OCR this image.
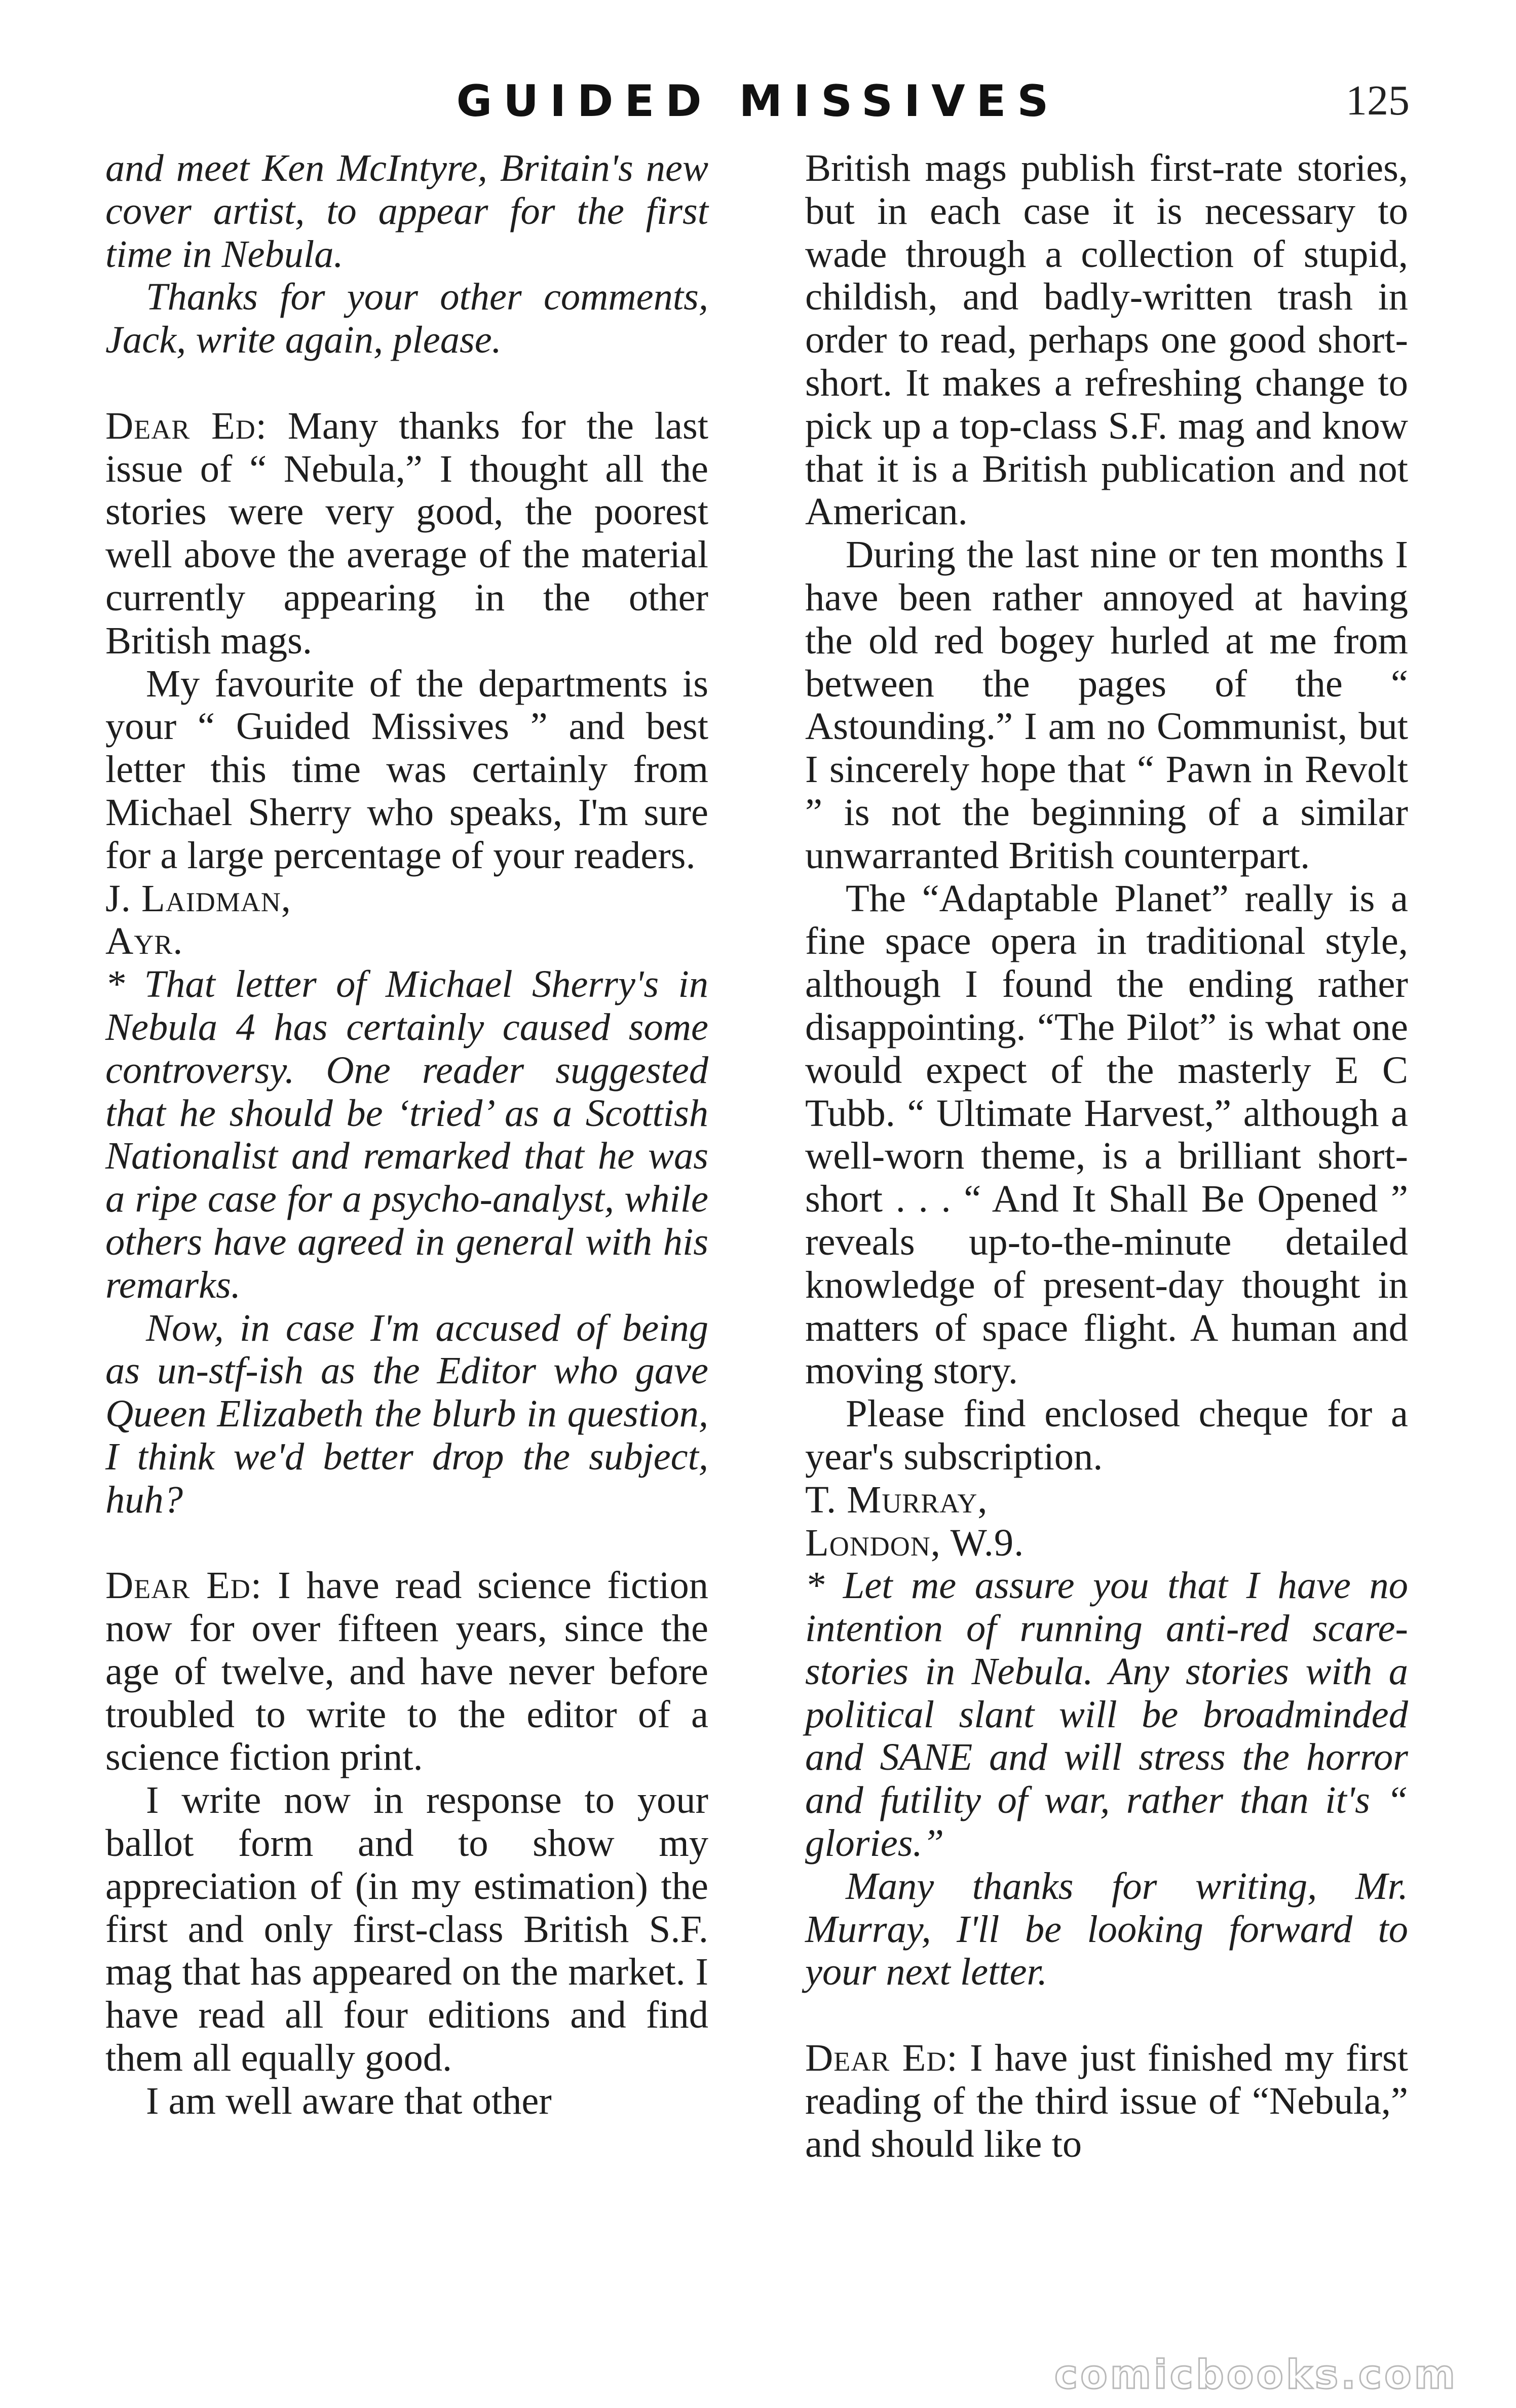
GUIDED MISSIVES	125

and meet Ken McIntyre, Britain's new cover artist, to appear for the first time in Nebula.

Thanks for your other comments, Jack, write again, please.

Dear Ed: Many thanks for the last issue of “ Nebula,” I thought all the stories were very good, the poorest well above the average of the material currently appearing in the other British mags.

My favourite of the departments is your “ Guided Missives ” and best letter this time was certainly from Michael Sherry who speaks, I'm sure for a large percentage of your readers.

J. Laidman,
Ayr.

* That letter of Michael Sherry's in Nebula 4 has certainly caused some controversy. One reader suggested that he should be ‘tried’ as a Scottish Nationalist and remarked that he was a ripe case for a psycho-analyst, while others have agreed in general with his remarks.

Now, in case I'm accused of being as un-stf-ish as the Editor who gave Queen Elizabeth the blurb in question, I think we'd better drop the subject, huh?

Dear Ed: I have read science fiction now for over fifteen years, since the age of twelve, and have never before troubled to write to the editor of a science fiction print.

I write now in response to your ballot form and to show my appreciation of (in my estimation) the first and only first-class British S.F. mag that has appeared on the market. I have read all four editions and find them all equally good.

I am well aware that other

British mags publish first-rate stories, but in each case it is necessary to wade through a collection of stupid, childish, and badly-written trash in order to read, perhaps one good short-short. It makes a refreshing change to pick up a top-class S.F. mag and know that it is a British publication and not American.

During the last nine or ten months I have been rather annoyed at having the old red bogey hurled at me from between the pages of the “ Astounding.” I am no Communist, but I sincerely hope that “ Pawn in Revolt ” is not the beginning of a similar unwarranted British counterpart.

The “Adaptable Planet” really is a fine space opera in traditional style, although I found the ending rather disappointing. “The Pilot” is what one would expect of the masterly E C Tubb. “ Ultimate Harvest,” although a well-worn theme, is a brilliant short-short . . . “ And It Shall Be Opened ” reveals up-to-the-minute detailed knowledge of present-day thought in matters of space flight. A human and moving story.

Please find enclosed cheque for a year's subscription.

T. Murray,
London, W.9.

* Let me assure you that I have no intention of running anti-red scare-stories in Nebula. Any stories with a political slant will be broadminded and SANE and will stress the horror and futility of war, rather than it's “ glories.”

Many thanks for writing, Mr. Murray, I'll be looking forward to your next letter.

Dear Ed: I have just finished my first reading of the third issue of “Nebula,” and should like to

comicbooks.com
